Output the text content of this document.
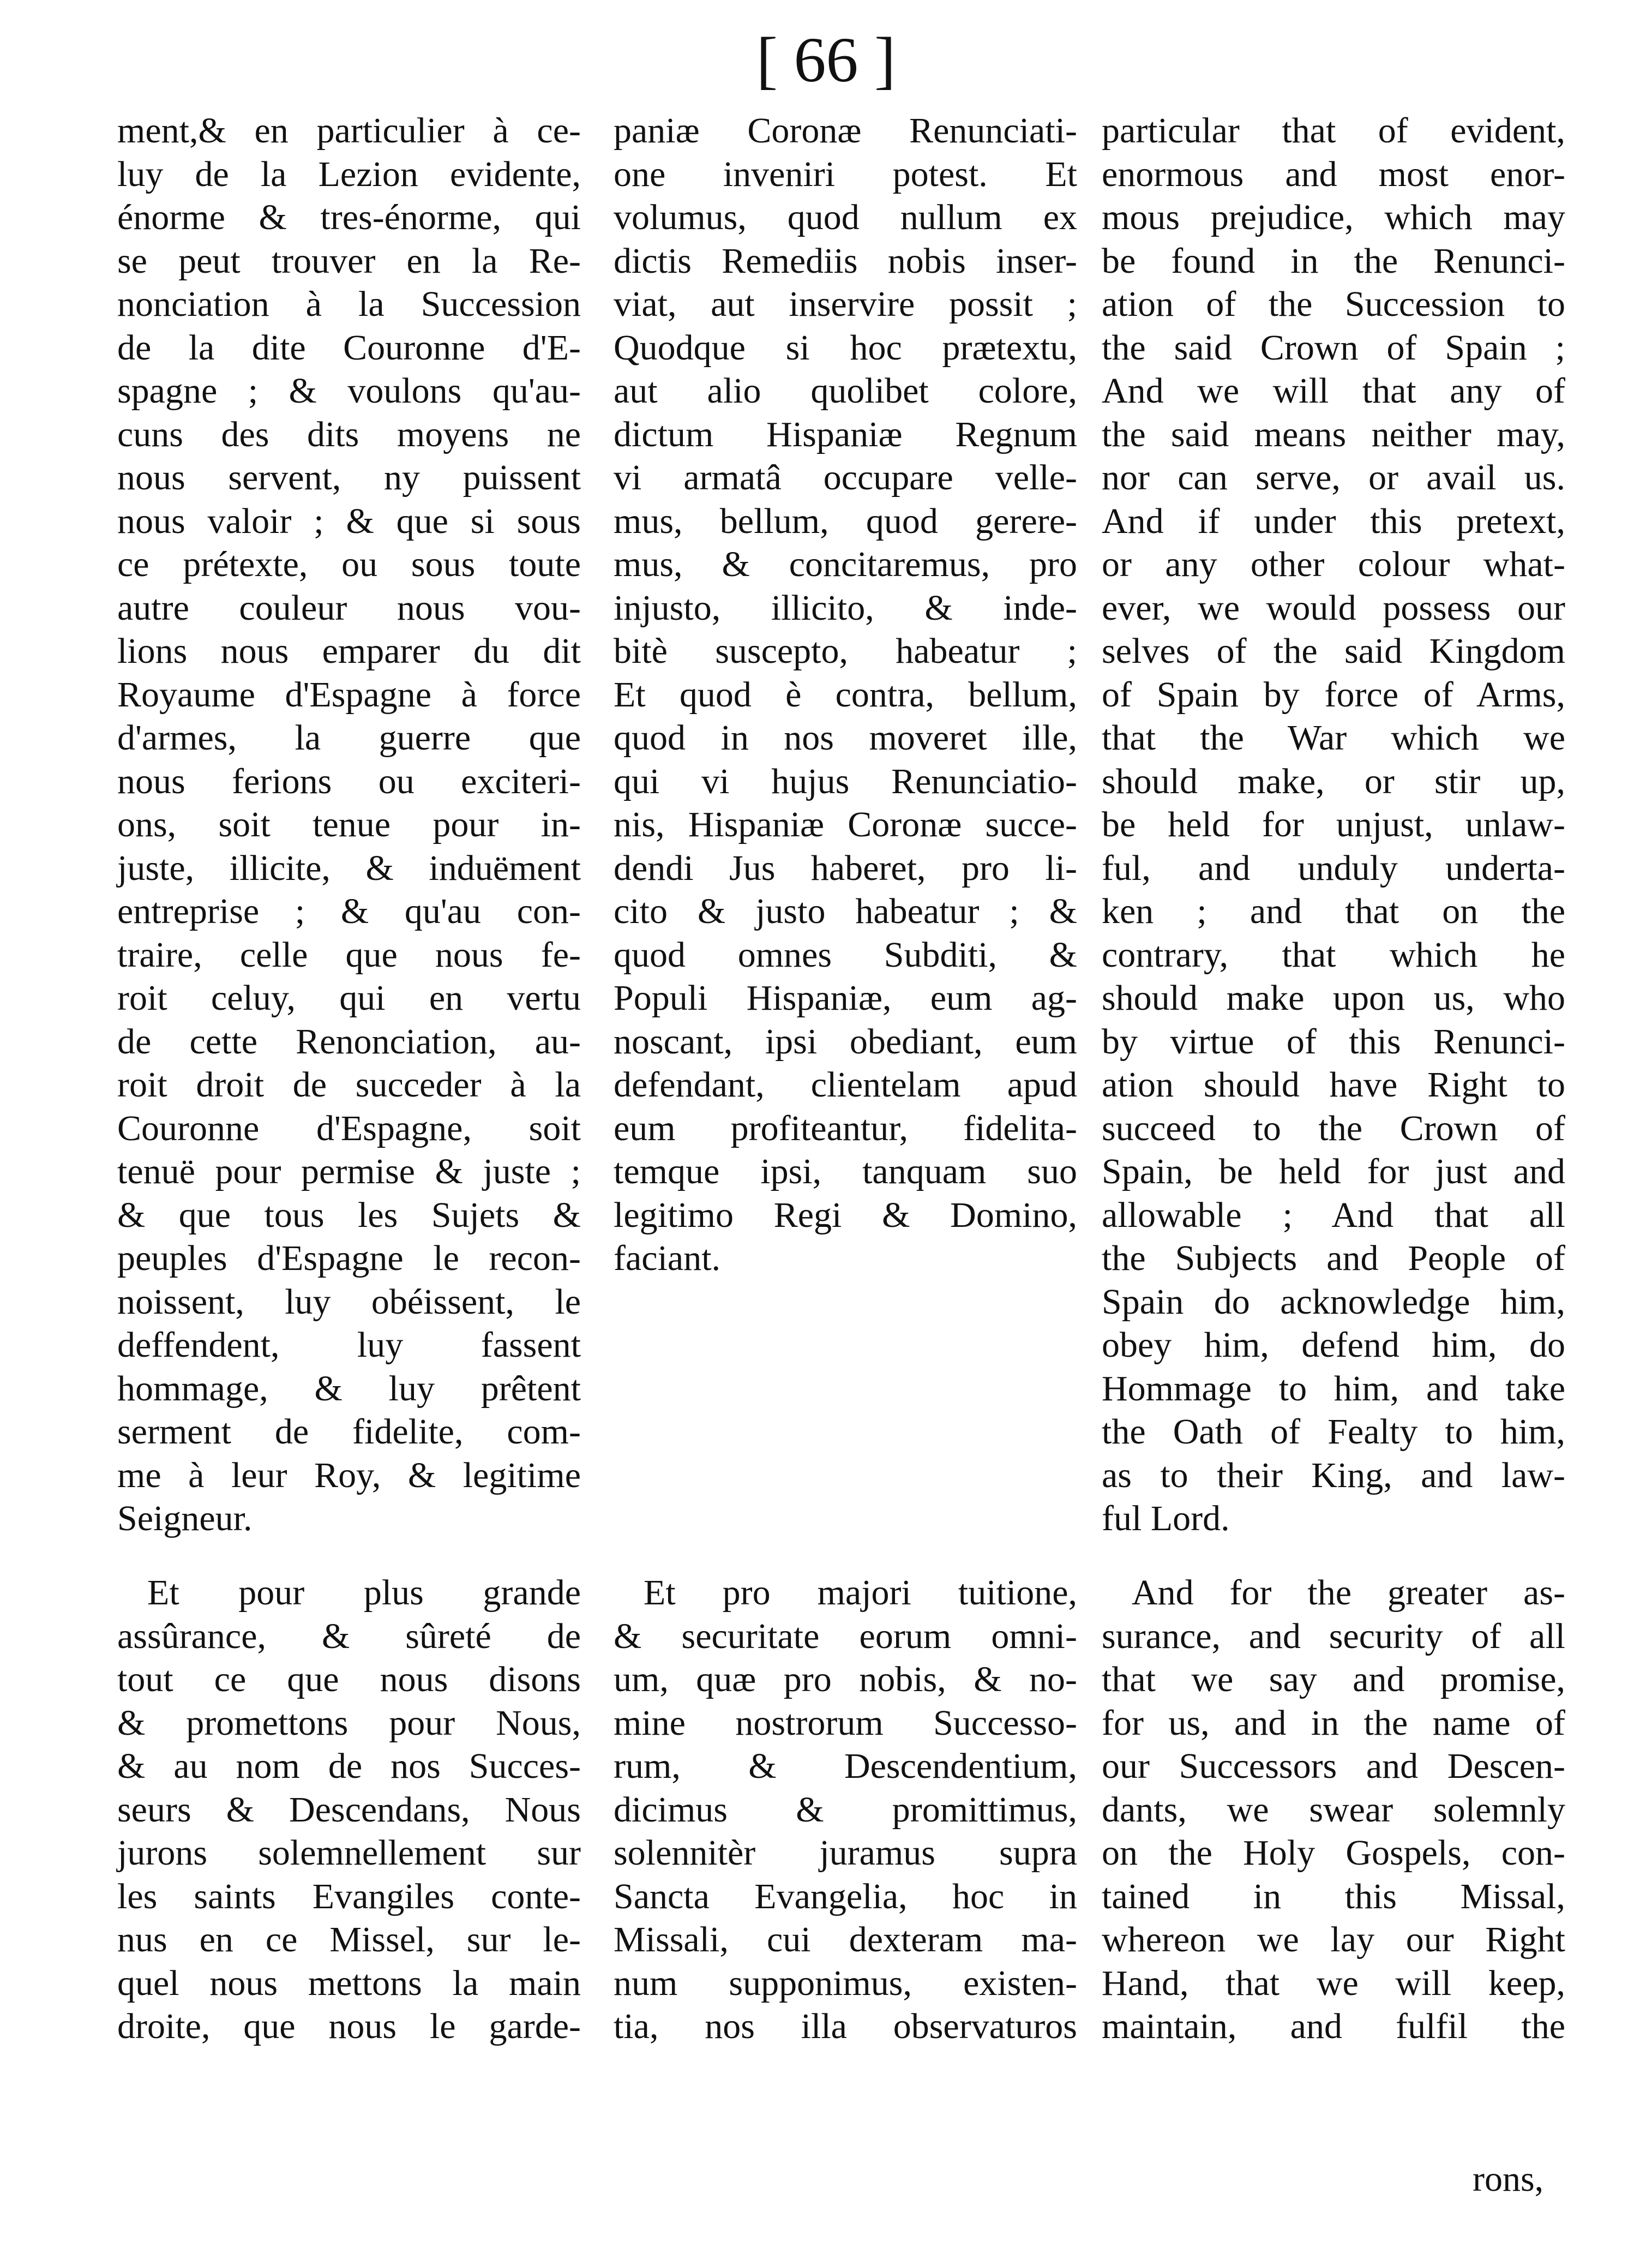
[ 66 ]

ment,& en particulier à ce-

luy de la Lezion evidente,

énorme & tres-énorme, qui

se peut trouver en la Re-

nonciation à la Succession

de la dite Couronne d'E-

spagne ; & voulons qu'au-

cuns des dits moyens ne

nous servent, ny puissent

nous valoir ; & que si sous

ce prétexte, ou sous toute

autre couleur nous vou-

lions nous emparer du dit

Royaume d'Espagne à force

d'armes, la guerre que

nous ferions ou exciteri-

ons, soit tenue pour in-

juste, illicite, & induëment

entreprise ; & qu'au con-

traire, celle que nous fe-

roit celuy, qui en vertu

de cette Renonciation, au-

roit droit de succeder à la

Couronne d'Espagne, soit

tenuë pour permise & juste ;

& que tous les Sujets &

peuples d'Espagne le recon-

noissent, luy obéissent, le

deffendent, luy fassent

hommage, & luy prêtent

serment de fidelite, com-

me à leur Roy, & legitime

Seigneur.

Et pour plus grande

assûrance, & sûreté de

tout ce que nous disons

& promettons pour Nous,

& au nom de nos Succes-

seurs & Descendans, Nous

jurons solemnellement sur

les saints Evangiles conte-

nus en ce Missel, sur le-

quel nous mettons la main

droite, que nous le garde-

paniæ Coronæ Renunciati-

one inveniri potest. Et

volumus, quod nullum ex

dictis Remediis nobis inser-

viat, aut inservire possit ;

Quodque si hoc prætextu,

aut alio quolibet colore,

dictum Hispaniæ Regnum

vi armatâ occupare velle-

mus, bellum, quod gerere-

mus, & concitaremus, pro

injusto, illicito, & inde-

bitè suscepto, habeatur ;

Et quod è contra, bellum,

quod in nos moveret ille,

qui vi hujus Renunciatio-

nis, Hispaniæ Coronæ succe-

dendi Jus haberet, pro li-

cito & justo habeatur ; &

quod omnes Subditi, &

Populi Hispaniæ, eum ag-

noscant, ipsi obediant, eum

defendant, clientelam apud

eum profiteantur, fidelita-

temque ipsi, tanquam suo

legitimo Regi & Domino,

faciant.

Et pro majori tuitione,

& securitate eorum omni-

um, quæ pro nobis, & no-

mine nostrorum Successo-

rum, & Descendentium,

dicimus & promittimus,

solennitèr juramus supra

Sancta Evangelia, hoc in

Missali, cui dexteram ma-

num supponimus, existen-

tia, nos illa observaturos

particular that of evident,

enormous and most enor-

mous prejudice, which may

be found in the Renunci-

ation of the Succession to

the said Crown of Spain ;

And we will that any of

the said means neither may,

nor can serve, or avail us.

And if under this pretext,

or any other colour what-

ever, we would possess our

selves of the said Kingdom

of Spain by force of Arms,

that the War which we

should make, or stir up,

be held for unjust, unlaw-

ful, and unduly underta-

ken ; and that on the

contrary, that which he

should make upon us, who

by virtue of this Renunci-

ation should have Right to

succeed to the Crown of

Spain, be held for just and

allowable ; And that all

the Subjects and People of

Spain do acknowledge him,

obey him, defend him, do

Hommage to him, and take

the Oath of Fealty to him,

as to their King, and law-

ful Lord.

And for the greater as-

surance, and security of all

that we say and promise,

for us, and in the name of

our Successors and Descen-

dants, we swear solemnly

on the Holy Gospels, con-

tained in this Missal,

whereon we lay our Right

Hand, that we will keep,

maintain, and fulfil the

rons,
